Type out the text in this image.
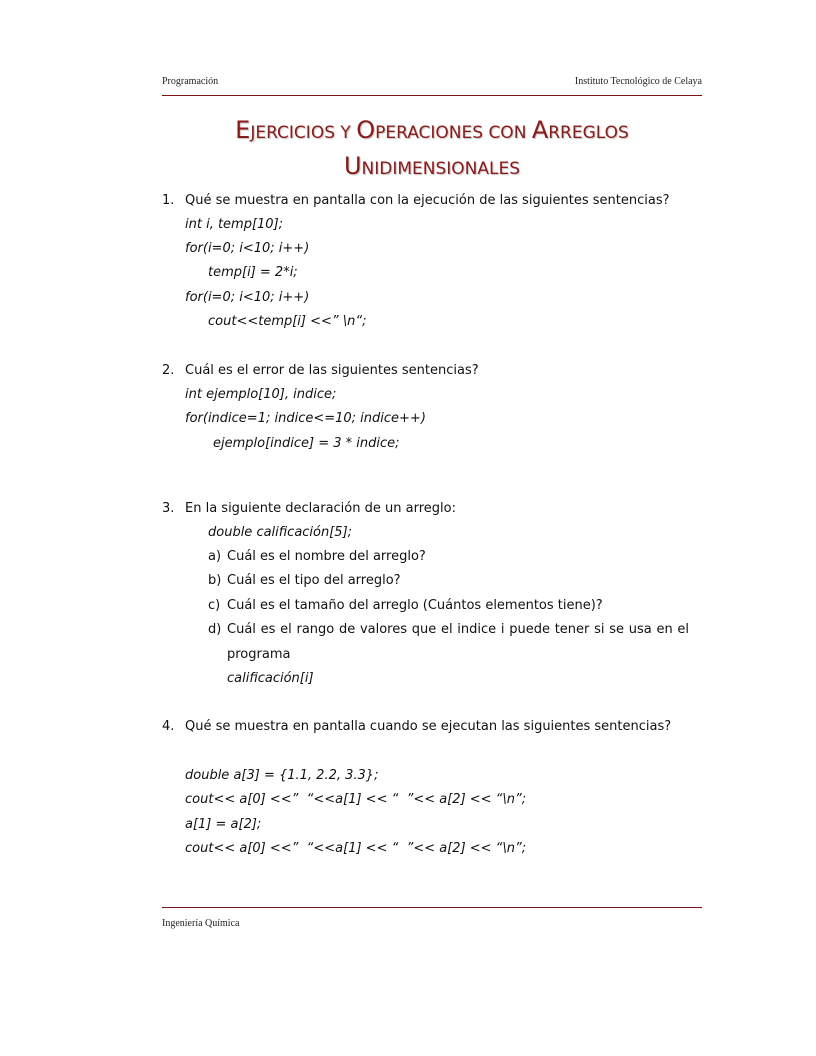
Programación	Instituto Tecnológico de Celaya
EJERCICIOS Y OPERACIONES CON ARREGLOS
UNIDIMENSIONALES
1. Qué se muestra en pantalla con la ejecución de las siguientes sentencias?
int i, temp[10];
for(i=0; i<10; i++)
temp[i] = 2*i;
for(i=0; i<10; i++)
cout<<temp[i] <<” \n“;
2. Cuál es el error de las siguientes sentencias?
int ejemplo[10], indice;
for(indice=1; indice<=10; indice++)
ejemplo[indice] = 3 * indice;
3. En la siguiente declaración de un arreglo:
double calificación[5];
a) Cuál es el nombre del arreglo?
b) Cuál es el tipo del arreglo?
c) Cuál es el tamaño del arreglo (Cuántos elementos tiene)?
d) Cuál es el rango de valores que el indice i puede tener si se usa en el
programa
calificación[i]
4. Qué se muestra en pantalla cuando se ejecutan las siguientes sentencias?
double a[3] = {1.1, 2.2, 3.3};
cout<< a[0] <<”  “<<a[1] << “  ”<< a[2] << “\n”;
a[1] = a[2];
cout<< a[0] <<”  “<<a[1] << “  ”<< a[2] << “\n”;
Ingeniería Química
